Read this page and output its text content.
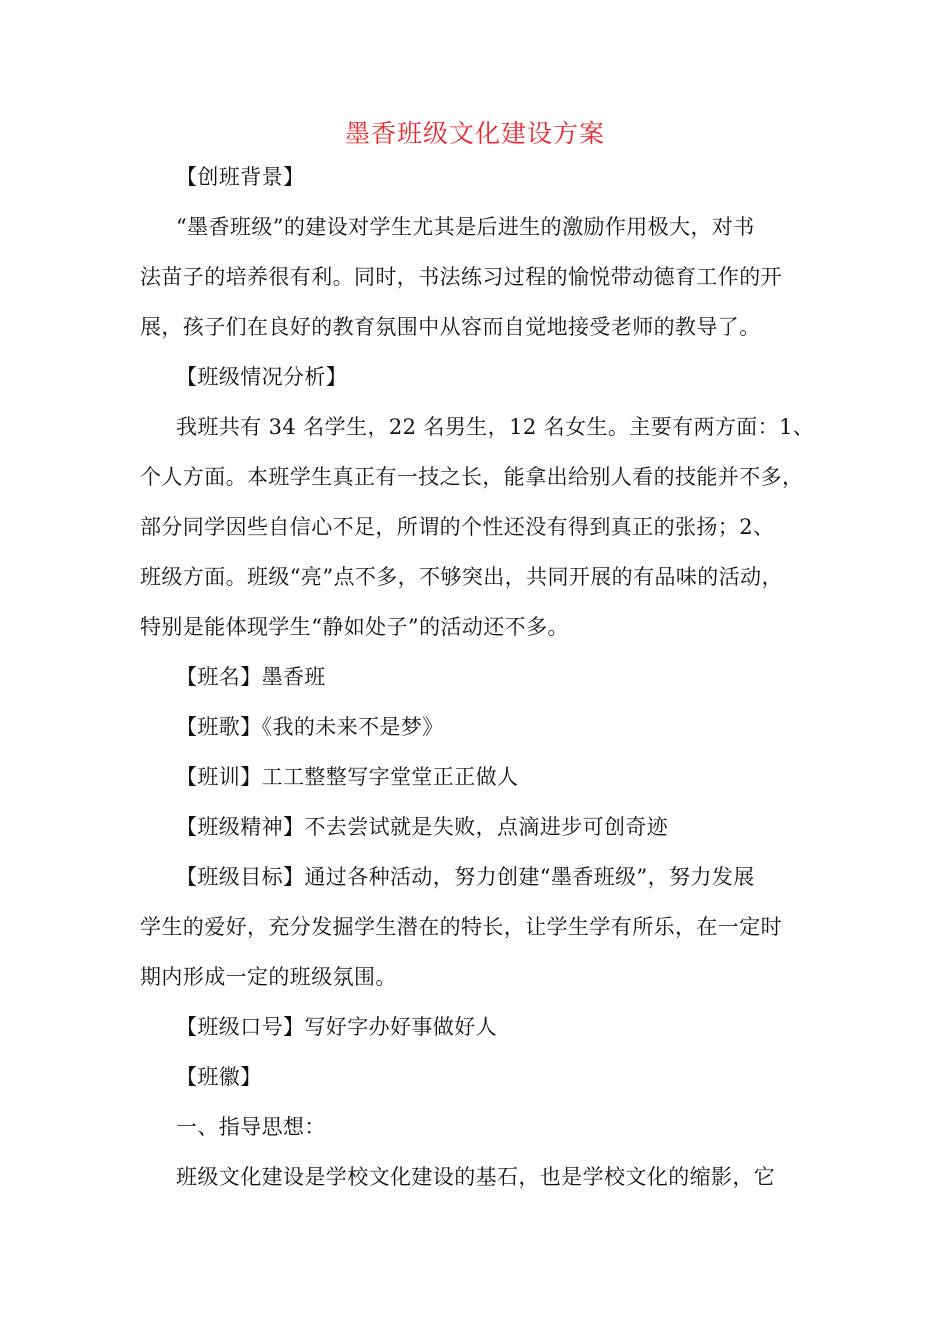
墨香班级文化建设方案
【创班背景】
“墨香班级”的建设对学生尤其是后进生的激励作用极大，对书
法苗子的培养很有利。同时，书法练习过程的愉悦带动德育工作的开
展，孩子们在良好的教育氛围中从容而自觉地接受老师的教导了。
【班级情况分析】
我班共有 34 名学生，22 名男生，12 名女生。主要有两方面：1、
个人方面。本班学生真正有一技之长，能拿出给别人看的技能并不多，
部分同学因些自信心不足，所谓的个性还没有得到真正的张扬；2、
班级方面。班级“亮”点不多，不够突出，共同开展的有品味的活动，
特别是能体现学生“静如处子”的活动还不多。
【班名】墨香班
【班歌】《我的未来不是梦》
【班训】工工整整写字堂堂正正做人
【班级精神】不去尝试就是失败，点滴进步可创奇迹
【班级目标】通过各种活动，努力创建“墨香班级”，努力发展
学生的爱好，充分发掘学生潜在的特长，让学生学有所乐，在一定时
期内形成一定的班级氛围。
【班级口号】写好字办好事做好人
【班徽】
一、指导思想：
班级文化建设是学校文化建设的基石，也是学校文化的缩影，它
